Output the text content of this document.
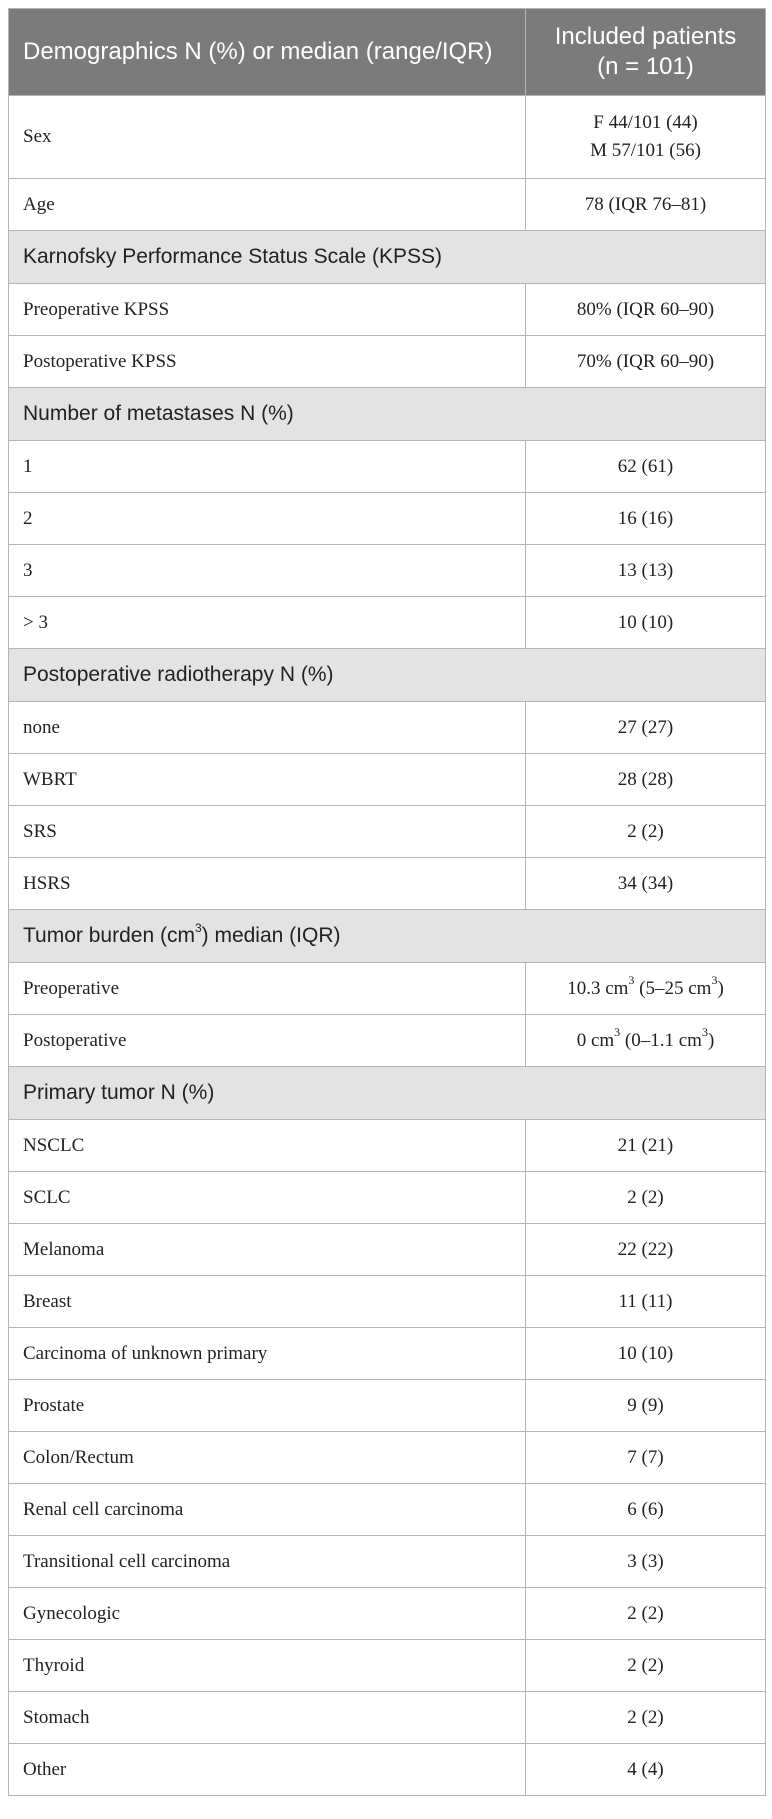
Demographics N (%) or median (range/IQR)	Included patients
(n = 101)
Sex	F 44/101 (44)
M 57/101 (56)
Age	78 (IQR 76–81)
Karnofsky Performance Status Scale (KPSS)	
Preoperative KPSS	80% (IQR 60–90)
Postoperative KPSS	70% (IQR 60–90)
Number of metastases N (%)	
1	62 (61)
2	16 (16)
3	13 (13)
> 3	10 (10)
Postoperative radiotherapy N (%)	
none	27 (27)
WBRT	28 (28)
SRS	2 (2)
HSRS	34 (34)
Tumor burden $(cm^3)$ median (IQR)	
Preoperative	10.3 $cm^3$ (5–25 $cm^3$)
Postoperative	0 $cm^3$ (0–1.1 $cm^3$)
Primary tumor N (%)	
NSCLC	21 (21)
SCLC	2 (2)
Melanoma	22 (22)
Breast	11 (11)
Carcinoma of unknown primary	10 (10)
Prostate	9 (9)
Colon/Rectum	7 (7)
Renal cell carcinoma	6 (6)
Transitional cell carcinoma	3 (3)
Gynecologic	2 (2)
Thyroid	2 (2)
Stomach	2 (2)
Other	4 (4)
